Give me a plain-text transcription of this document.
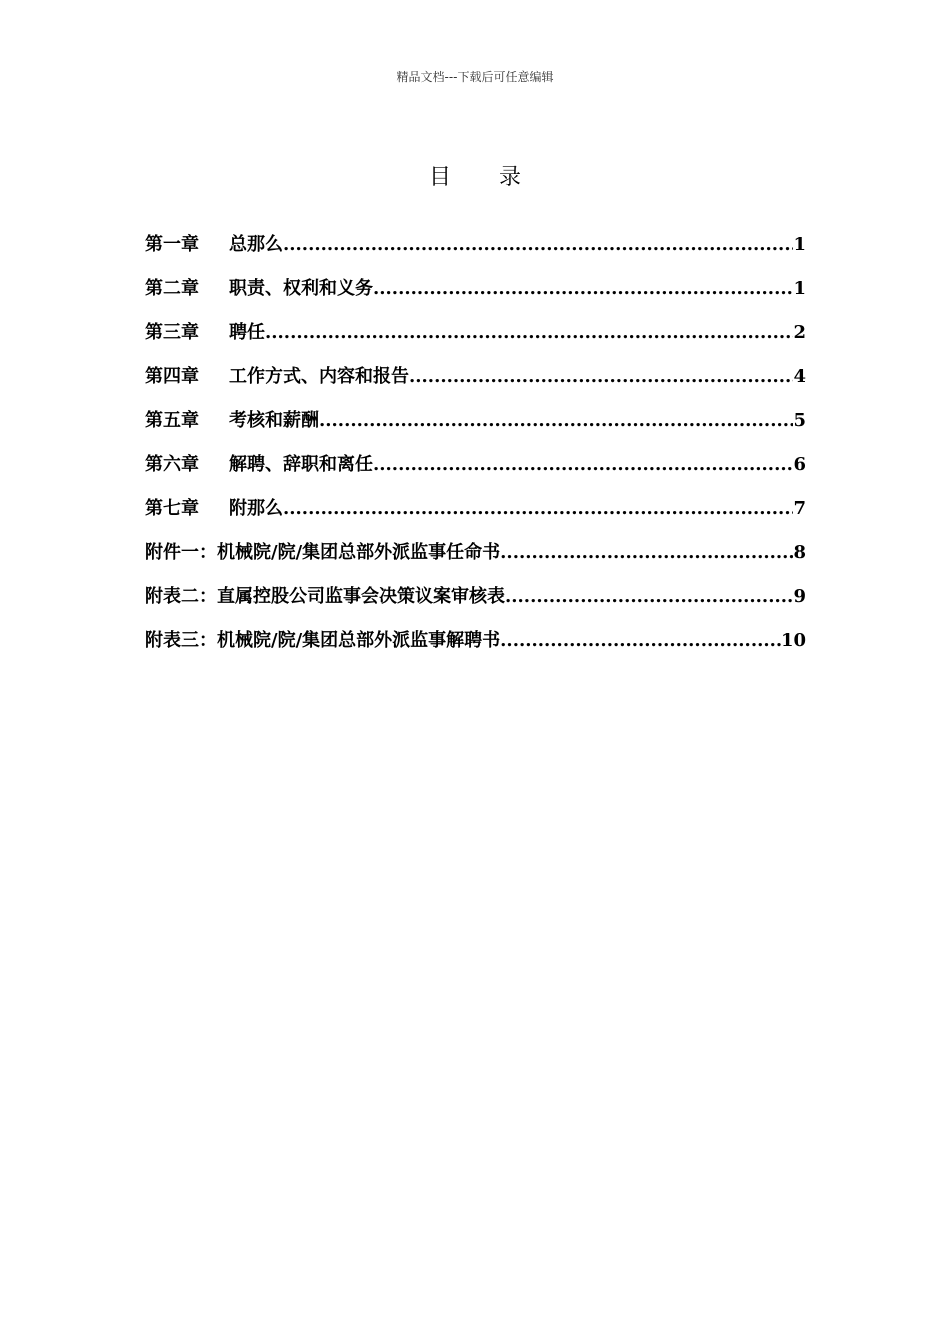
精品文档---下载后可任意编辑
目 录
第一章	总那么 .....	1
第二章	职责、权利和义务 .....	1
第三章	聘任 .....	2
第四章	工作方式、内容和报告 .....	4
第五章	考核和薪酬 .....	5
第六章	解聘、辞职和离任 .....	6
第七章	附那么 .....	7
附件一：机械院/院/集团总部外派监事任命书 .....	8
附表二：直属控股公司监事会决策议案审核表 .....	9
附表三：机械院/院/集团总部外派监事解聘书 .....	10
